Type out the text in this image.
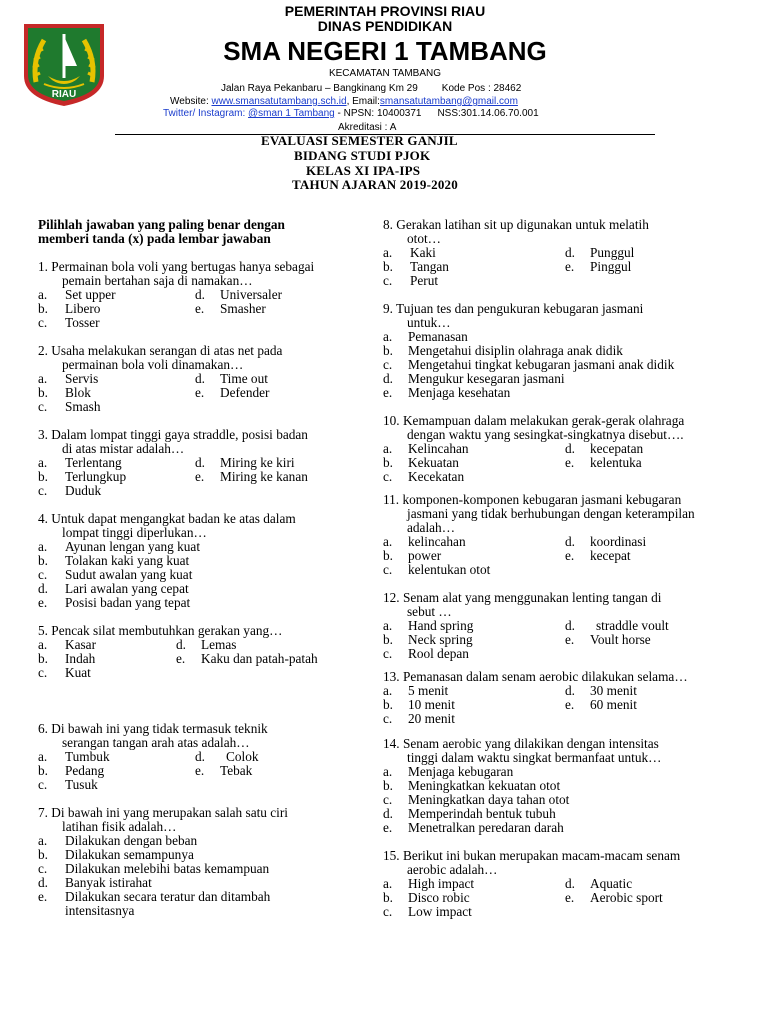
RIAU
PEMERINTAH PROVINSI RIAU
DINAS PENDIDIKAN
SMA NEGERI 1 TAMBANG
KECAMATAN TAMBANG
Jalan Raya Pekanbaru – Bangkinang Km 29 Kode Pos : 28462
Website: www.smansatutambang.sch.id, Email:smansatutambang@gmail.com
Twitter/ Instagram: @sman 1 Tambang - NPSN: 10400371 NSS:301.14.06.70.001
Akreditasi : A
EVALUASI SEMESTER GANJIL
BIDANG STUDI PJOK
KELAS XI IPA-IPS
TAHUN AJARAN 2019-2020
Pilihlah jawaban yang paling benar dengan
memberi tanda (x) pada lembar jawaban
1. Permainan bola voli yang bertugas hanya sebagai
pemain bertahan saja di namakan…
a. Set upper
b. Libero
c. Tosser
d. Universaler
e. Smasher
2. Usaha melakukan serangan di atas net pada
permainan bola voli dinamakan…
a. Servis
b. Blok
c. Smash
d. Time out
e. Defender
3. Dalam lompat tinggi gaya straddle, posisi badan
di atas mistar adalah…
a. Terlentang
b. Terlungkup
c. Duduk
d. Miring ke kiri
e. Miring ke kanan
4. Untuk dapat mengangkat badan ke atas dalam
lompat tinggi diperlukan…
a. Ayunan lengan yang kuat
b. Tolakan kaki yang kuat
c. Sudut awalan yang kuat
d. Lari awalan yang cepat
e. Posisi badan yang tepat
5. Pencak silat membutuhkan gerakan yang…
a. Kasar
b. Indah
c. Kuat
d. Lemas
e. Kaku dan patah-patah
6. Di bawah ini yang tidak termasuk teknik
serangan tangan arah atas adalah…
a. Tumbuk
b. Pedang
c. Tusuk
d. Colok
e. Tebak
7. Di bawah ini yang merupakan salah satu ciri
latihan fisik adalah…
a. Dilakukan dengan beban
b. Dilakukan semampunya
c. Dilakukan melebihi batas kemampuan
d. Banyak istirahat
e. Dilakukan secara teratur dan ditambah
intensitasnya
8. Gerakan latihan sit up digunakan untuk melatih
otot…
a. Kaki
b. Tangan
c. Perut
d. Punggul
e. Pinggul
9. Tujuan tes dan pengukuran kebugaran jasmani
untuk…
a. Pemanasan
b. Mengetahui disiplin olahraga anak didik
c. Mengetahui tingkat kebugaran jasmani anak didik
d. Mengukur kesegaran jasmani
e. Menjaga kesehatan
10. Kemampuan dalam melakukan gerak-gerak olahraga
dengan waktu yang sesingkat-singkatnya disebut….
a. Kelincahan
b. Kekuatan
c. Kecekatan
d. kecepatan
e. kelentuka
11. komponen-komponen kebugaran jasmani kebugaran
jasmani yang tidak berhubungan dengan keterampilan
adalah…
a. kelincahan
b. power
c. kelentukan otot
d. koordinasi
e. kecepat
12. Senam alat yang menggunakan lenting tangan di
sebut …
a. Hand spring
b. Neck spring
c. Rool depan
d. straddle voult
e. Voult horse
13. Pemanasan dalam senam aerobic dilakukan selama…
a. 5 menit
b. 10 menit
c. 20 menit
d. 30 menit
e. 60 menit
14. Senam aerobic yang dilakikan dengan intensitas
tinggi dalam waktu singkat bermanfaat untuk…
a. Menjaga kebugaran
b. Meningkatkan kekuatan otot
c. Meningkatkan daya tahan otot
d. Memperindah bentuk tubuh
e. Menetralkan peredaran darah
15. Berikut ini bukan merupakan macam-macam senam
aerobic adalah…
a. High impact
b. Disco robic
c. Low impact
d. Aquatic
e. Aerobic sport
